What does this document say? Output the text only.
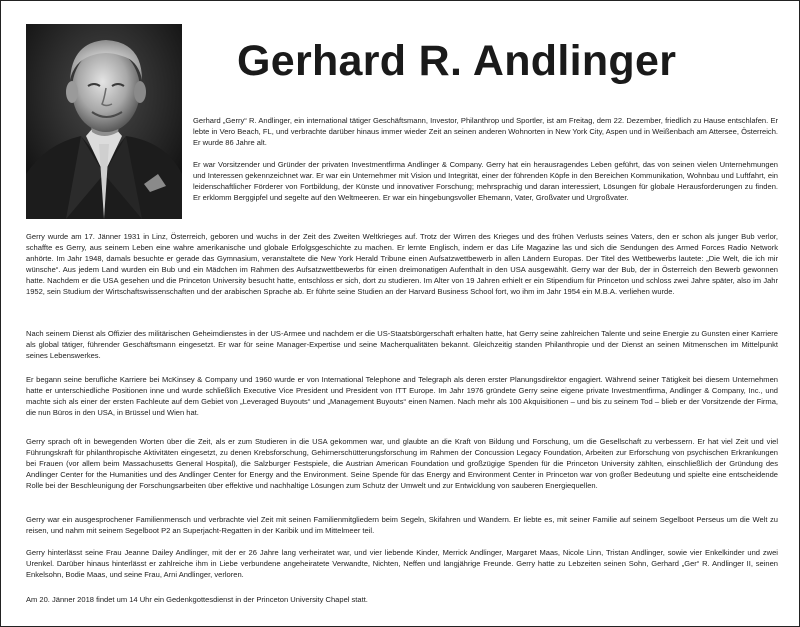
Gerhard R. Andlinger

Gerhard „Gerry“ R. Andlinger, ein international tätiger Geschäftsmann, Investor, Philanthrop und Sportler, ist am Freitag, dem 22. Dezember, friedlich zu Hause entschlafen. Er lebte in Vero Beach, FL, und verbrachte darüber hinaus immer wieder Zeit an seinen anderen Wohnorten in New York City, Aspen und in Weißenbach am Attersee, Österreich. Er wurde 86 Jahre alt.

Er war Vorsitzender und Gründer der privaten Investmentfirma Andlinger & Company. Gerry hat ein herausragendes Leben geführt, das von seinen vielen Unternehmungen und Interessen gekennzeichnet war. Er war ein Unternehmer mit Vision und Integrität, einer der führenden Köpfe in den Bereichen Kommunikation, Wohnbau und Luftfahrt, ein leidenschaftlicher Förderer von Fortbildung, der Künste und innovativer Forschung; mehrsprachig und daran interessiert, Lösungen für globale Herausforderungen zu finden. Er erklomm Berggipfel und segelte auf den Weltmeeren. Er war ein hingebungsvoller Ehemann, Vater, Großvater und Urgroßvater.

Gerry wurde am 17. Jänner 1931 in Linz, Österreich, geboren und wuchs in der Zeit des Zweiten Weltkrieges auf. Trotz der Wirren des Krieges und des frühen Verlusts seines Vaters, den er schon als junger Bub verlor, schaffte es Gerry, aus seinem Leben eine wahre amerikanische und globale Erfolgsgeschichte zu machen. Er lernte Englisch, indem er das Life Magazine las und sich die Sendungen des Armed Forces Radio Network anhörte. Im Jahr 1948, damals besuchte er gerade das Gymnasium, veranstaltete die New York Herald Tribune einen Aufsatzwettbewerb in allen Ländern Europas. Der Titel des Wettbewerbs lautete: „Die Welt, die ich mir wünsche“. Aus jedem Land wurden ein Bub und ein Mädchen im Rahmen des Aufsatzwettbewerbs für einen dreimonatigen Aufenthalt in den USA ausgewählt. Gerry war der Bub, der in Österreich den Bewerb gewonnen hatte. Nachdem er die USA gesehen und die Princeton University besucht hatte, entschloss er sich, dort zu studieren. Im Alter von 19 Jahren erhielt er ein Stipendium für Princeton und schloss zwei Jahre später, also im Jahr 1952, sein Studium der Wirtschaftswissenschaften und der arabischen Sprache ab. Er führte seine Studien an der Harvard Business School fort, wo ihm im Jahr 1954 ein M.B.A. verliehen wurde.

Nach seinem Dienst als Offizier des militärischen Geheimdienstes in der US-Armee und nachdem er die US-Staatsbürgerschaft erhalten hatte, hat Gerry seine zahlreichen Talente und seine Energie zu Gunsten einer Karriere als global tätiger, führender Geschäftsmann eingesetzt. Er war für seine Manager-Expertise und seine Macherqualitäten bekannt. Gleichzeitig standen Philanthropie und der Dienst an seinen Mitmenschen im Mittelpunkt seines Lebenswerkes.

Er begann seine berufliche Karriere bei McKinsey & Company und 1960 wurde er von International Telephone and Telegraph als deren erster Planungsdirektor engagiert. Während seiner Tätigkeit bei diesem Unternehmen hatte er unterschiedliche Positionen inne und wurde schließlich Executive Vice President und President von ITT Europe. Im Jahr 1976 gründete Gerry seine eigene private Investmentfirma, Andlinger & Company, Inc., und machte sich als einer der ersten Fachleute auf dem Gebiet von „Leveraged Buyouts“ und „Management Buyouts“ einen Namen. Nach mehr als 100 Akquisitionen – und bis zu seinem Tod – blieb er der Vorsitzende der Firma, die nun Büros in den USA, in Brüssel und Wien hat.

Gerry sprach oft in bewegenden Worten über die Zeit, als er zum Studieren in die USA gekommen war, und glaubte an die Kraft von Bildung und Forschung, um die Gesellschaft zu verbessern. Er hat viel Zeit und viel Führungskraft für philanthropische Aktivitäten eingesetzt, zu denen Krebsforschung, Gehirnerschütterungsforschung im Rahmen der Concussion Legacy Foundation, Arbeiten zur Erforschung von psychischen Erkrankungen bei Frauen (vor allem beim Massachusetts General Hospital), die Salzburger Festspiele, die Austrian American Foundation und großzügige Spenden für die Princeton University zählten, einschließlich der Gründung des Andlinger Center for the Humanities und des Andlinger Center for Energy and the Environment. Seine Spende für das Energy and Environment Center in Princeton war von großer Bedeutung und spielte eine entscheidende Rolle bei der Beschleunigung der Forschungsarbeiten über effektive und nachhaltige Lösungen zum Schutz der Umwelt und zur Entwicklung von sauberen Energiequellen.

Gerry war ein ausgesprochener Familienmensch und verbrachte viel Zeit mit seinen Familienmitgliedern beim Segeln, Skifahren und Wandern. Er liebte es, mit seiner Familie auf seinem Segelboot Perseus um die Welt zu reisen, und nahm mit seinem Segelboot P2 an Superjacht-Regatten in der Karibik und im Mittelmeer teil.

Gerry hinterlässt seine Frau Jeanne Dailey Andlinger, mit der er 26 Jahre lang verheiratet war, und vier liebende Kinder, Merrick Andlinger, Margaret Maas, Nicole Linn, Tristan Andlinger, sowie vier Enkelkinder und zwei Urenkel. Darüber hinaus hinterlässt er zahlreiche ihm in Liebe verbundene angeheiratete Verwandte, Nichten, Neffen und langjährige Freunde. Gerry hatte zu Lebzeiten seinen Sohn, Gerhard „Ger“ R. Andlinger II, seinen Enkelsohn, Bodie Maas, und seine Frau, Arni Andlinger, verloren.

Am 20. Jänner 2018 findet um 14 Uhr ein Gedenkgottesdienst in der Princeton University Chapel statt.
